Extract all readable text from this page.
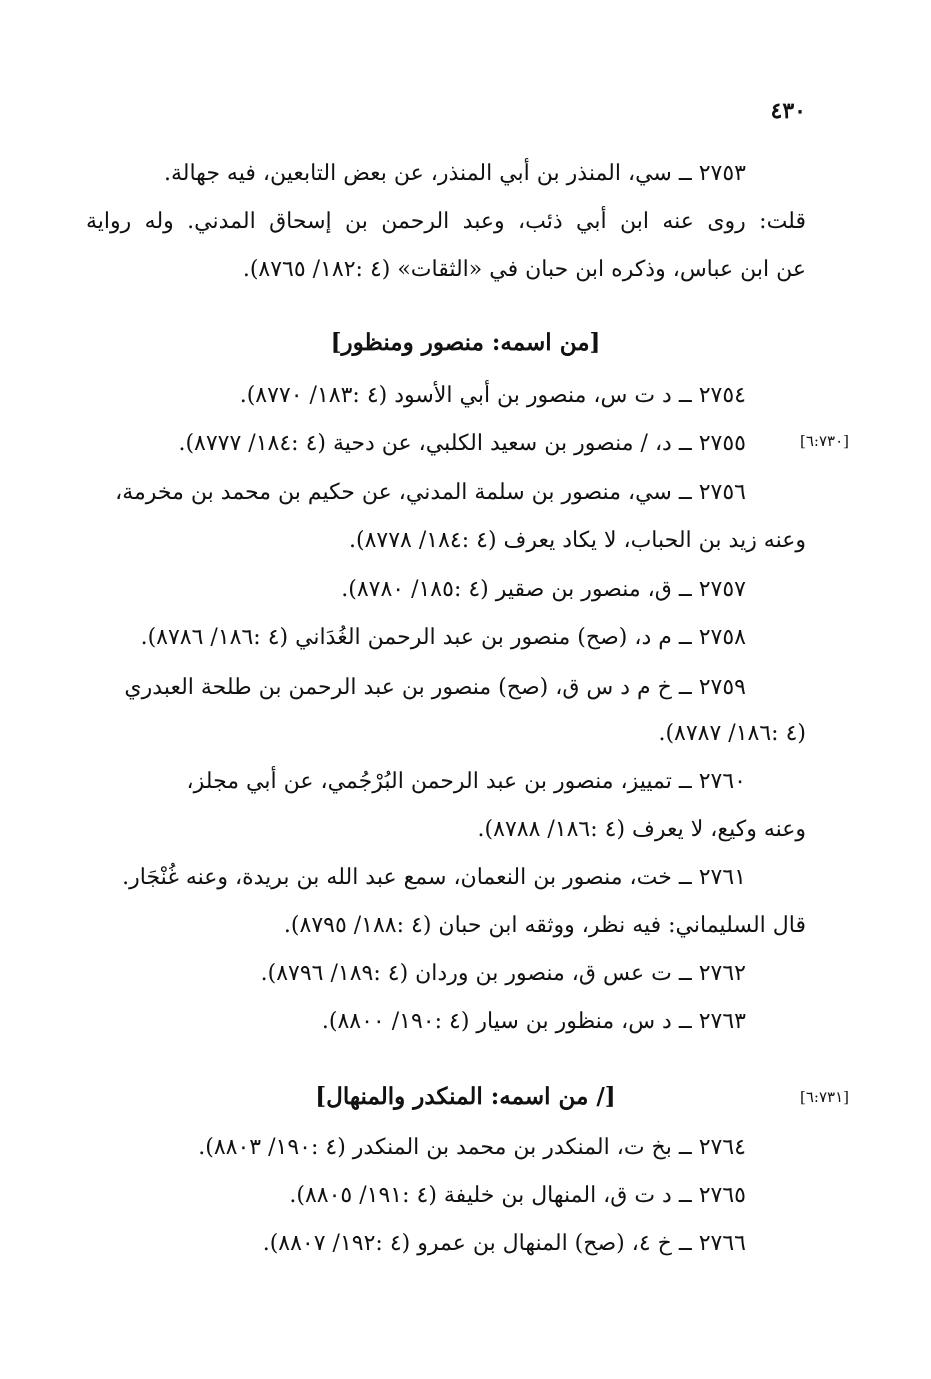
٤٣٠
٢٧٥٣ ــ سي، المنذر بن أبي المنذر، عن بعض التابعين، فيه جهالة.
قلت: روى عنه ابن أبي ذئب، وعبد الرحمن بن إسحاق المدني. وله رواية
عن ابن عباس، وذكره ابن حبان في «الثقات» (٤ :١٨٢/ ٨٧٦٥).
[من اسمه: منصور ومنظور]
٢٧٥٤ ــ د ت س، منصور بن أبي الأسود (٤ :١٨٣/ ٨٧٧٠).
[٦:٧٣٠]
٢٧٥٥ ــ د، / منصور بن سعيد الكلبي، عن دحية (٤ :١٨٤/ ٨٧٧٧).
٢٧٥٦ ــ سي، منصور بن سلمة المدني، عن حكيم بن محمد بن مخرمة،
وعنه زيد بن الحباب، لا يكاد يعرف (٤ :١٨٤/ ٨٧٧٨).
٢٧٥٧ ــ ق، منصور بن صقير (٤ :١٨٥/ ٨٧٨٠).
٢٧٥٨ ــ م د، (صح) منصور بن عبد الرحمن الغُدَاني (٤ :١٨٦/ ٨٧٨٦).
٢٧٥٩ ــ خ م د س ق، (صح) منصور بن عبد الرحمن بن طلحة العبدري
(٤ :١٨٦/ ٨٧٨٧).
٢٧٦٠ ــ تمييز، منصور بن عبد الرحمن البُرْجُمي، عن أبي مجلز،
وعنه وكيع، لا يعرف (٤ :١٨٦/ ٨٧٨٨).
٢٧٦١ ــ خت، منصور بن النعمان، سمع عبد الله بن بريدة، وعنه غُنْجَار.
قال السليماني: فيه نظر، ووثقه ابن حبان (٤ :١٨٨/ ٨٧٩٥).
٢٧٦٢ ــ ت عس ق، منصور بن وردان (٤ :١٨٩/ ٨٧٩٦).
٢٧٦٣ ــ د س، منظور بن سيار (٤ :١٩٠/ ٨٨٠٠).
[٦:٧٣١]
[/ من اسمه: المنكدر والمنهال]
٢٧٦٤ ــ بخ ت، المنكدر بن محمد بن المنكدر (٤ :١٩٠/ ٨٨٠٣).
٢٧٦٥ ــ د ت ق، المنهال بن خليفة (٤ :١٩١/ ٨٨٠٥).
٢٧٦٦ ــ خ ٤، (صح) المنهال بن عمرو (٤ :١٩٢/ ٨٨٠٧).
